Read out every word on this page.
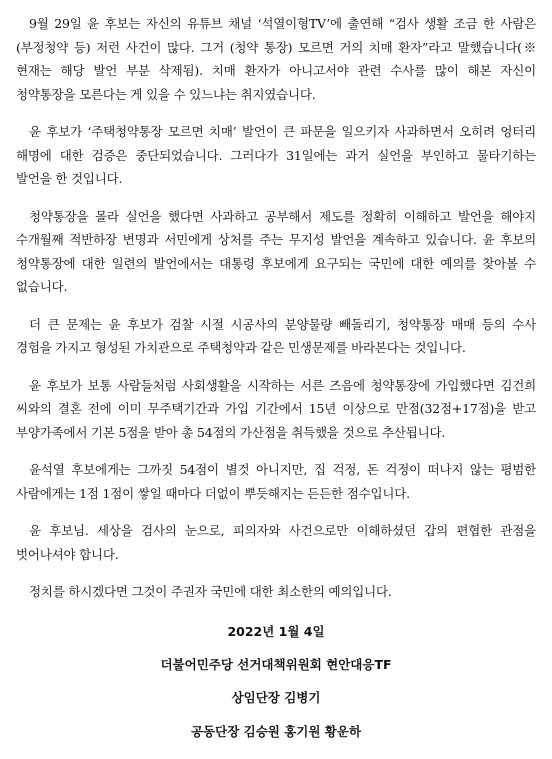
9월 29일 윤 후보는 자신의 유튜브 채널 ‘석열이형TV’에 출연해 “검사 생활 조금 한 사람은 (부정청약 등) 저런 사건이 많다. 그거 (청약 통장) 모르면 거의 치매 환자”라고 말했습니다(※현재는 해당 발언 부분 삭제됨). 치매 환자가 아니고서야 관련 수사를 많이 해본 자신이 청약통장을 모른다는 게 있을 수 있느냐는 취지였습니다.

윤 후보가 ‘주택청약통장 모르면 치매’ 발언이 큰 파문을 일으키자 사과하면서 오히려 엉터리 해명에 대한 검증은 중단되었습니다. 그러다가 31일에는 과거 실언을 부인하고 물타기하는 발언을 한 것입니다.

청약통장을 몰라 실언을 했다면 사과하고 공부해서 제도를 정확히 이해하고 발언을 해야지 수개월째 적반하장 변명과 서민에게 상처를 주는 무지성 발언을 계속하고 있습니다. 윤 후보의 청약통장에 대한 일련의 발언에서는 대통령 후보에게 요구되는 국민에 대한 예의를 찾아볼 수 없습니다.

더 큰 문제는 윤 후보가 검찰 시절 시공사의 분양물량 빼돌리기, 청약통장 매매 등의 수사 경험을 가지고 형성된 가치관으로 주택청약과 같은 민생문제를 바라본다는 것입니다.

윤 후보가 보통 사람들처럼 사회생활을 시작하는 서른 즈음에 청약통장에 가입했다면 김건희 씨와의 결혼 전에 이미 무주택기간과 가입 기간에서 15년 이상으로 만점(32점+17점)을 받고 부양가족에서 기본 5점을 받아 총 54점의 가산점을 취득했을 것으로 추산됩니다.

윤석열 후보에게는 그까짓 54점이 별것 아니지만, 집 걱정, 돈 걱정이 떠나지 않는 평범한 사람에게는 1점 1점이 쌓일 때마다 더없이 뿌듯해지는 든든한 점수입니다.

윤 후보님. 세상을 검사의 눈으로, 피의자와 사건으로만 이해하셨던 갑의 편협한 관점을 벗어나셔야 합니다.

정치를 하시겠다면 그것이 주권자 국민에 대한 최소한의 예의입니다.

2022년 1월 4일
더불어민주당 선거대책위원회 현안대응TF
상임단장 김병기
공동단장 김승원 홍기원 황운하
